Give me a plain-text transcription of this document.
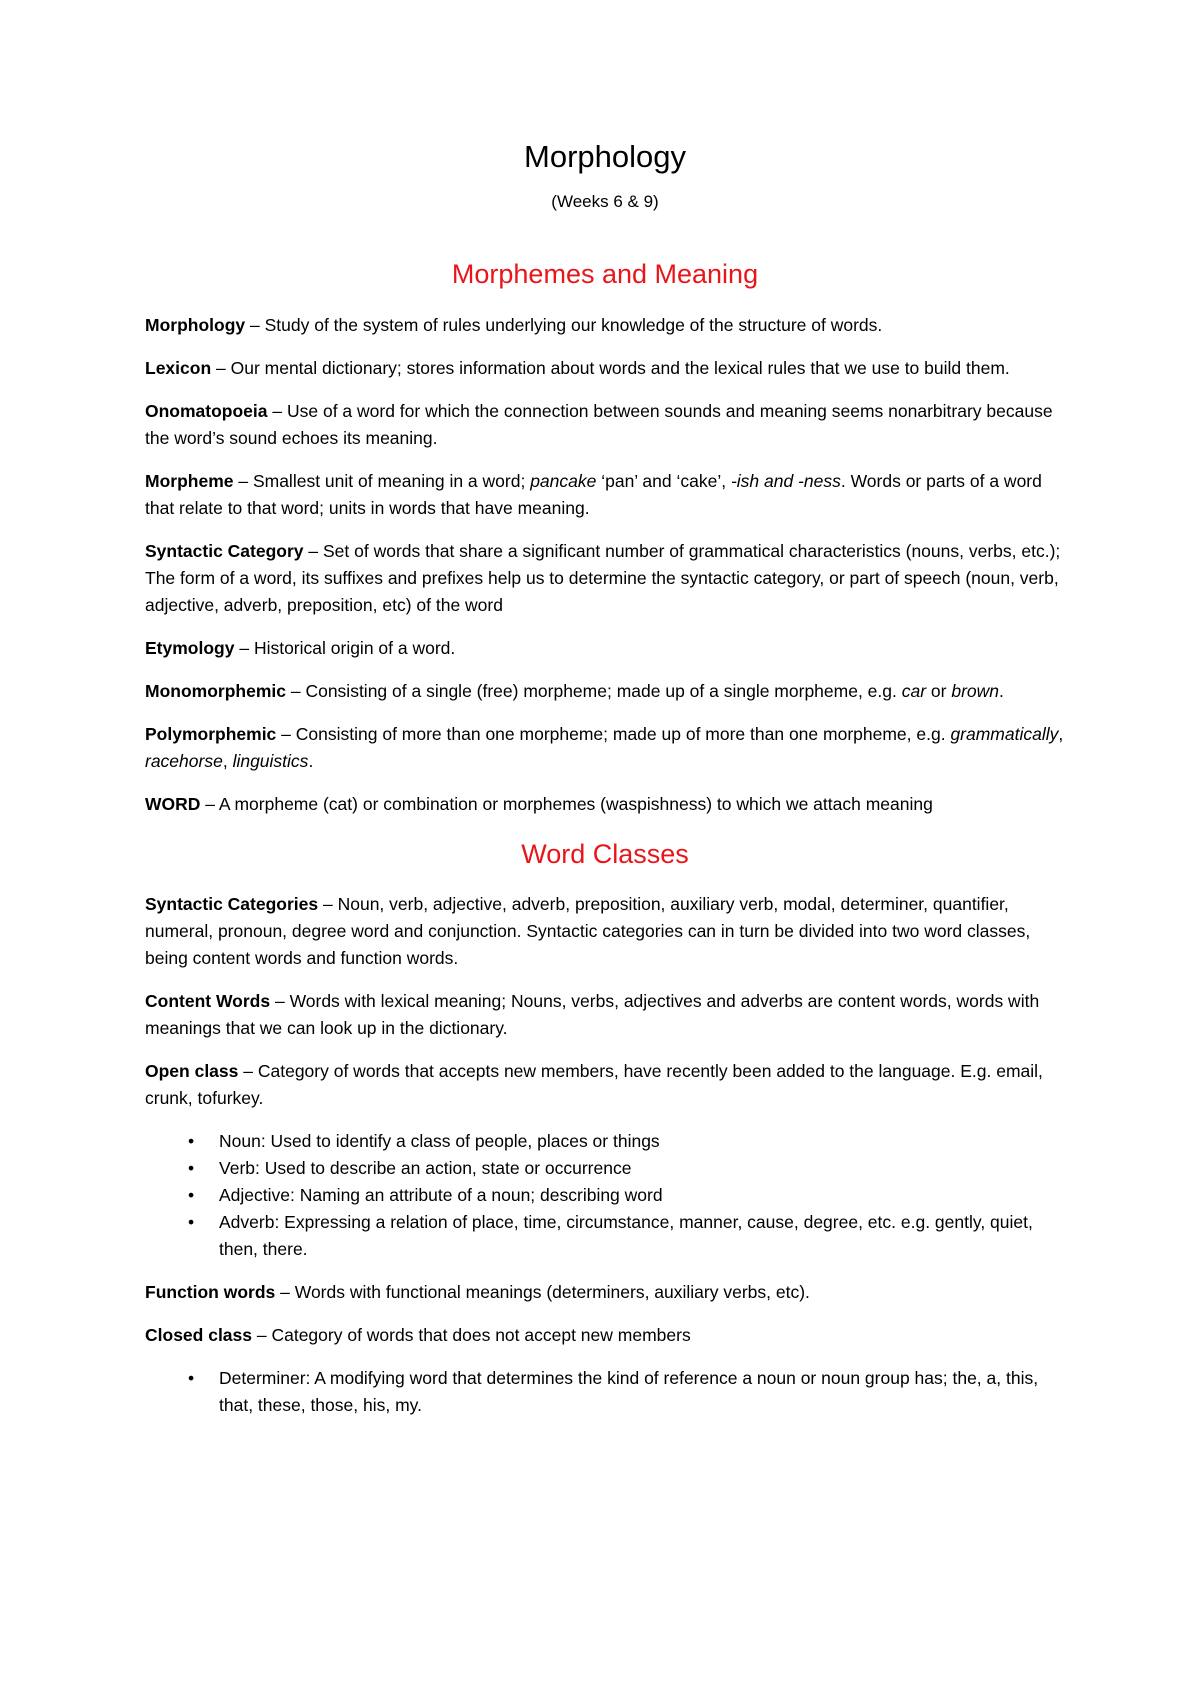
Morphology

(Weeks 6 & 9)

Morphemes and Meaning

Morphology – Study of the system of rules underlying our knowledge of the structure of words.

Lexicon – Our mental dictionary; stores information about words and the lexical rules that we use to build them.

Onomatopoeia – Use of a word for which the connection between sounds and meaning seems nonarbitrary because the word’s sound echoes its meaning.

Morpheme – Smallest unit of meaning in a word; pancake ‘pan’ and ‘cake’, -ish and -ness. Words or parts of a word that relate to that word; units in words that have meaning.

Syntactic Category – Set of words that share a significant number of grammatical characteristics (nouns, verbs, etc.); The form of a word, its suffixes and prefixes help us to determine the syntactic category, or part of speech (noun, verb, adjective, adverb, preposition, etc) of the word

Etymology – Historical origin of a word.

Monomorphemic – Consisting of a single (free) morpheme; made up of a single morpheme, e.g. car or brown.

Polymorphemic – Consisting of more than one morpheme; made up of more than one morpheme, e.g. grammatically, racehorse, linguistics.

WORD – A morpheme (cat) or combination or morphemes (waspishness) to which we attach meaning

Word Classes

Syntactic Categories – Noun, verb, adjective, adverb, preposition, auxiliary verb, modal, determiner, quantifier, numeral, pronoun, degree word and conjunction. Syntactic categories can in turn be divided into two word classes, being content words and function words.

Content Words – Words with lexical meaning; Nouns, verbs, adjectives and adverbs are content words, words with meanings that we can look up in the dictionary.

Open class – Category of words that accepts new members, have recently been added to the language. E.g. email, crunk, tofurkey.

• Noun: Used to identify a class of people, places or things
• Verb: Used to describe an action, state or occurrence
• Adjective: Naming an attribute of a noun; describing word
• Adverb: Expressing a relation of place, time, circumstance, manner, cause, degree, etc. e.g. gently, quiet, then, there.

Function words – Words with functional meanings (determiners, auxiliary verbs, etc).

Closed class – Category of words that does not accept new members

• Determiner: A modifying word that determines the kind of reference a noun or noun group has; the, a, this, that, these, those, his, my.
